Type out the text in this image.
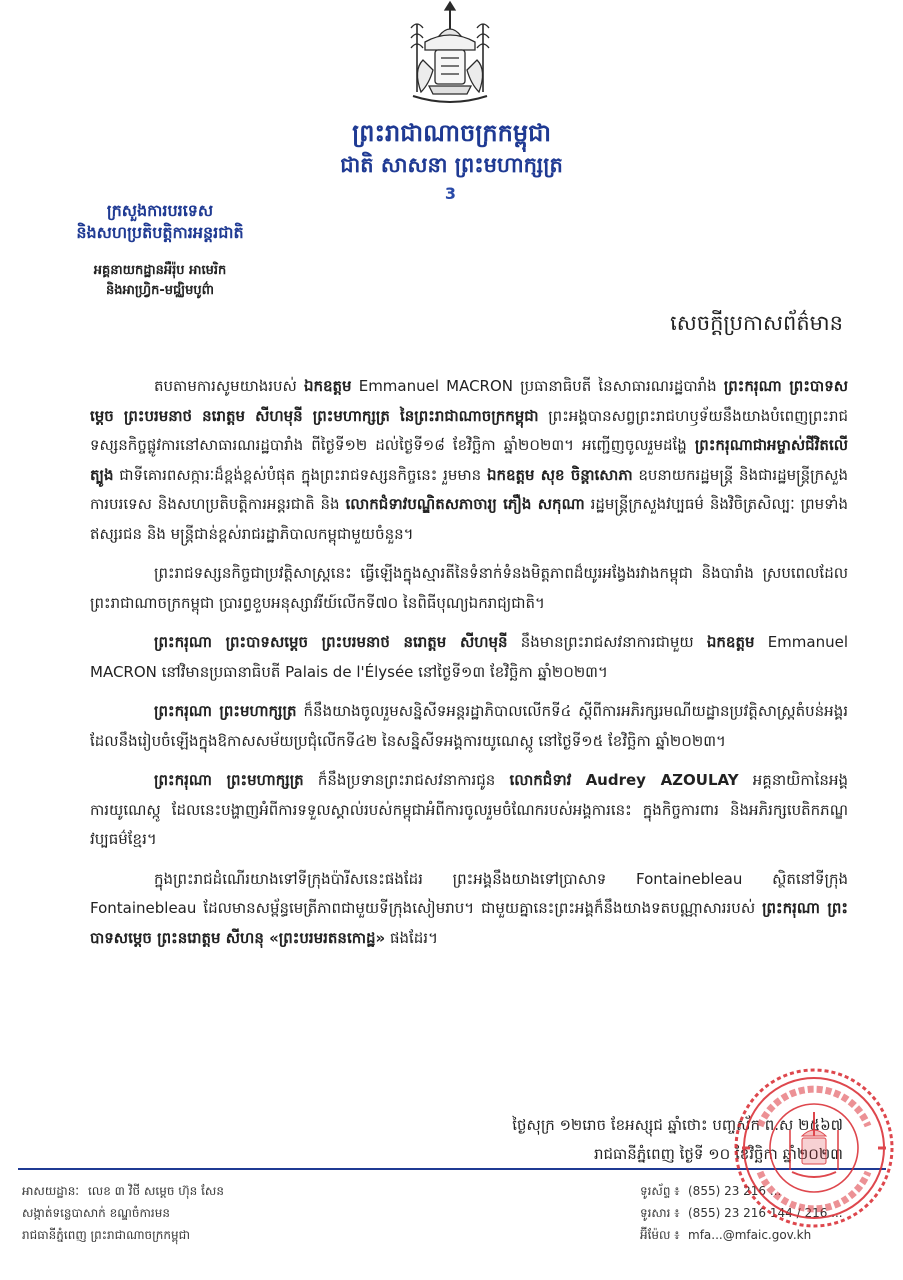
ព្រះរាជាណាចក្រកម្ពុជា
ជាតិ សាសនា ព្រះមហាក្សត្រ
3
ក្រសួងការបរទេស
និងសហប្រតិបត្តិការអន្តរជាតិ
អគ្គនាយកដ្ឋានអឺរ៉ុប អាមេរិក
និងអាហ្វ្រិក-មជ្ឈិមបូព៌ា
សេចក្តីប្រកាសព័ត៌មាន

តបតាមការសូមយាងរបស់ ឯកឧត្តម Emmanuel MACRON ប្រធានាធិបតី នៃសាធារណរដ្ឋបារាំង ព្រះករុណា ព្រះបាទសម្តេច ព្រះបរមនាថ នរោត្តម សីហមុនី ព្រះមហាក្សត្រ នៃព្រះរាជាណាចក្រកម្ពុជា ព្រះអង្គបានសព្វព្រះរាជហឫទ័យនឹងយាងបំពេញព្រះរាជទស្សនកិច្ចផ្លូវការនៅសាធារណរដ្ឋបារាំង ពីថ្ងៃទី១២ ដល់ថ្ងៃទី១៨ ខែវិច្ឆិកា ឆ្នាំ២០២៣។ អញ្ជើញចូលរួមដង្ហែ ព្រះករុណាជាអម្ចាស់ជីវិតលើត្បូង ជាទីគោរពសក្ការៈដ៏ខ្ពង់ខ្ពស់បំផុត ក្នុងព្រះរាជទស្សនកិច្ចនេះ រួមមាន ឯកឧត្តម សុខ ចិន្តាសោភា ឧបនាយករដ្ឋមន្ត្រី និងជារដ្ឋមន្ត្រីក្រសួងការបរទេស និងសហប្រតិបត្តិការអន្តរជាតិ និង លោកជំទាវបណ្ឌិតសភាចារ្យ ភឿង សកុណា រដ្ឋមន្ត្រីក្រសួងវប្បធម៌ និងវិចិត្រសិល្បៈ ព្រមទាំងឥស្សរជន និង មន្ត្រីជាន់ខ្ពស់រាជរដ្ឋាភិបាលកម្ពុជាមួយចំនួន។

ព្រះរាជទស្សនកិច្ចជាប្រវត្តិសាស្ត្រនេះ ធ្វើឡើងក្នុងស្មារតីនៃទំនាក់ទំនងមិត្តភាពដ៏យូរអង្វែងរវាងកម្ពុជា និងបារាំង ស្របពេលដែលព្រះរាជាណាចក្រកម្ពុជា ប្រារព្ធខួបអនុស្សាវរីយ៍លើកទី៧០ នៃពិធីបុណ្យឯករាជ្យជាតិ។

ព្រះករុណា ព្រះបាទសម្តេច ព្រះបរមនាថ នរោត្តម សីហមុនី នឹងមានព្រះរាជសវនាការជាមួយ ឯកឧត្តម Emmanuel MACRON នៅវិមានប្រធានាធិបតី Palais de l'Élysée នៅថ្ងៃទី១៣ ខែវិច្ឆិកា ឆ្នាំ២០២៣។

ព្រះករុណា ព្រះមហាក្សត្រ ក៏នឹងយាងចូលរួមសន្និសីទអន្តរដ្ឋាភិបាលលើកទី៤ ស្តីពីការអភិរក្សរមណីយដ្ឋានប្រវត្តិសាស្ត្រតំបន់អង្គរ ដែលនឹងរៀបចំឡើងក្នុងឱកាសសម័យប្រជុំលើកទី៤២ នៃសន្និសីទអង្គការយូណេស្កូ នៅថ្ងៃទី១៥ ខែវិច្ឆិកា ឆ្នាំ២០២៣។

ព្រះករុណា ព្រះមហាក្សត្រ ក៏នឹងប្រទានព្រះរាជសវនាការជូន លោកជំទាវ Audrey AZOULAY អគ្គនាយិកានៃអង្គការយូណេស្កូ ដែលនេះបង្ហាញអំពីការទទួលស្គាល់របស់កម្ពុជាអំពីការចូលរួមចំណែករបស់អង្គការនេះ ក្នុងកិច្ចការពារ និងអភិរក្សបេតិកភណ្ឌវប្បធម៌ខ្មែរ។

ក្នុងព្រះរាជដំណើរយាងទៅទីក្រុងប៉ារីសនេះផងដែរ ព្រះអង្គនឹងយាងទៅប្រាសាទ Fontainebleau ស្ថិតនៅទីក្រុង Fontainebleau ដែលមានសម្ព័ន្ធមេត្រីភាពជាមួយទីក្រុងសៀមរាប។ ជាមួយគ្នានេះព្រះអង្គក៏នឹងយាងទតបណ្ណាសាររបស់ ព្រះករុណា ព្រះបាទសម្តេច ព្រះនរោត្តម សីហនុ «ព្រះបរមរតនកោដ្ឋ» ផងដែរ។

ថ្ងៃសុក្រ ១២រោច ខែអស្សុជ ឆ្នាំថោះ បញ្ចស័ក ព.ស ២៥៦៧
រាជធានីភ្នំពេញ ថ្ងៃទី ១០ ខែវិច្ឆិកា ឆ្នាំ២០២៣
អាសយដ្ឋានៈ លេខ ៣ វិថី សម្តេច ហ៊ុន សែន
សង្កាត់ទន្លេបាសាក់ ខណ្ឌចំការមន
រាជធានីភ្នំពេញ ព្រះរាជាណាចក្រកម្ពុជា
ទូរស័ព្ទ ៖ (855) 23 216 ...
ទូរសារ ៖ (855) 23 216 144 / 216 ...
អ៊ីម៉ែល ៖ mfa...@mfaic.gov.kh
